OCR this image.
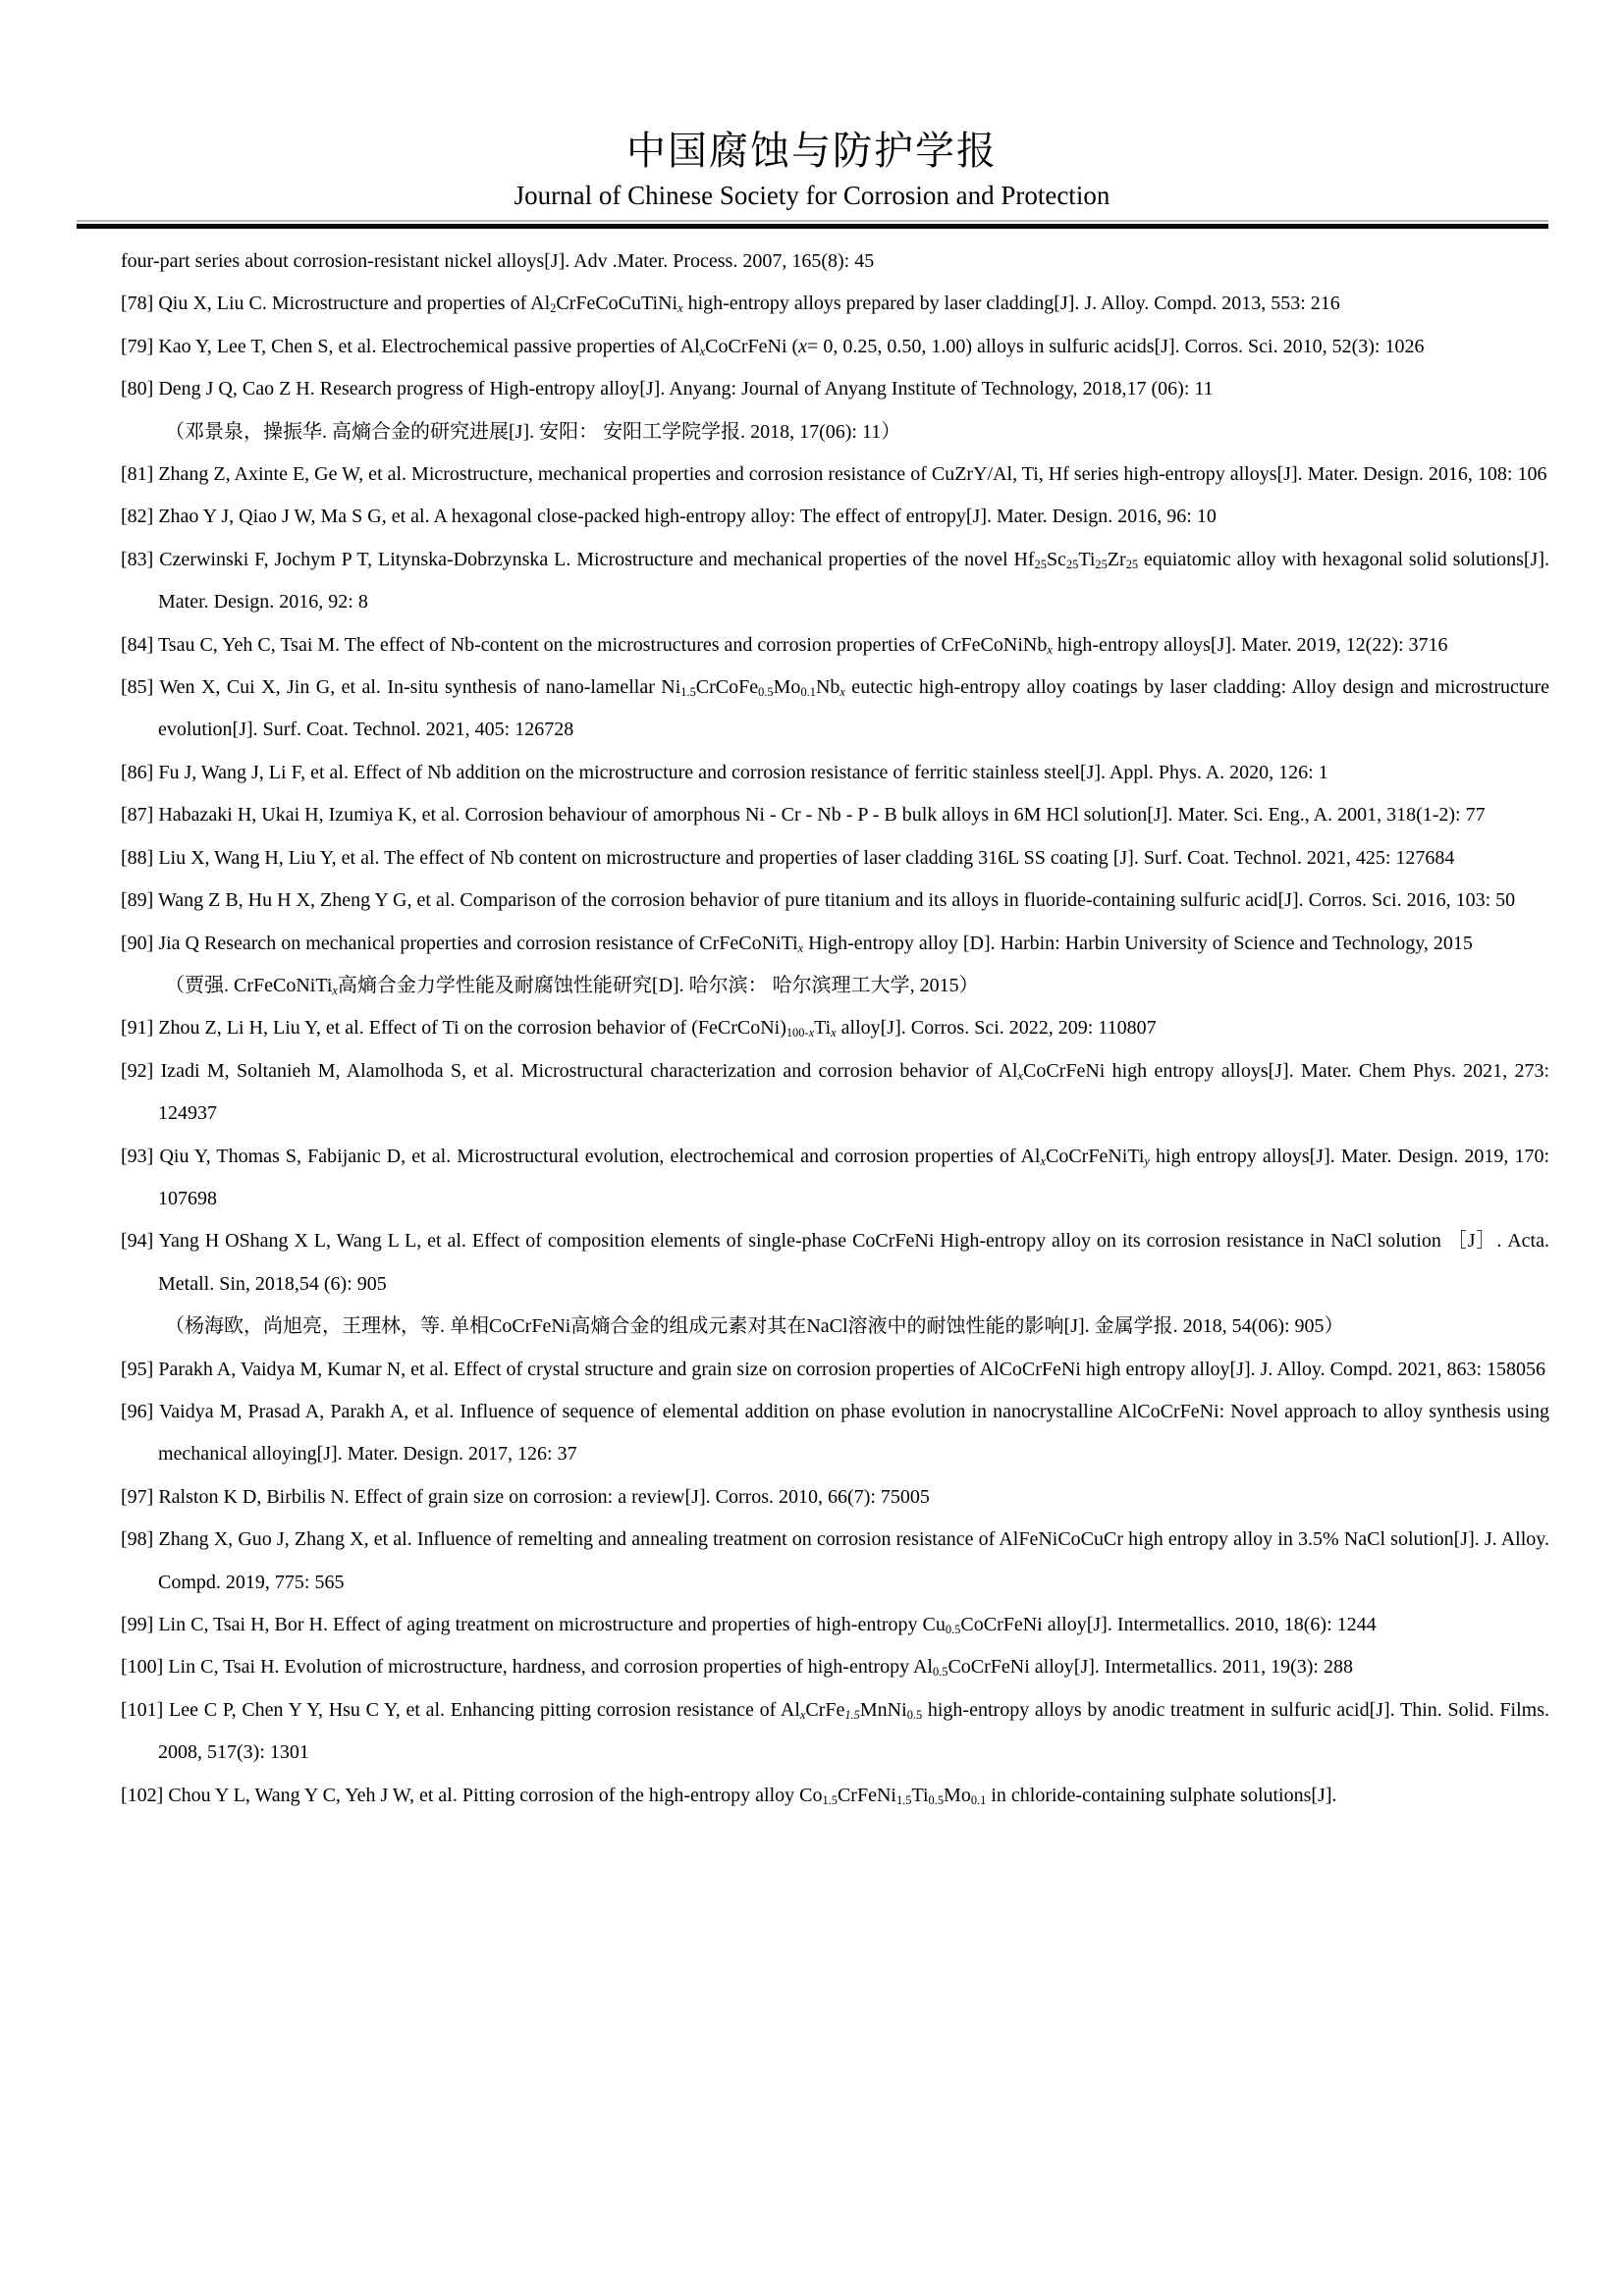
中国腐蚀与防护学报
Journal of Chinese Society for Corrosion and Protection

four-part series about corrosion-resistant nickel alloys[J]. Adv .Mater. Process. 2007, 165(8): 45

[78] Qiu X, Liu C. Microstructure and properties of $Al_2CrFeCoCuTiNi_x$ high-entropy alloys prepared by laser cladding[J]. J. Alloy. Compd. 2013, 553: 216

[79] Kao Y, Lee T, Chen S, et al. Electrochemical passive properties of $Al_xCoCrFeNi$ (x= 0, 0.25, 0.50, 1.00) alloys in sulfuric acids[J]. Corros. Sci. 2010, 52(3): 1026

[80] Deng J Q, Cao Z H. Research progress of High-entropy alloy[J]. Anyang: Journal of Anyang Institute of Technology, 2018,17 (06): 11

（邓景泉，操振华. 高熵合金的研究进展[J]. 安阳： 安阳工学院学报. 2018, 17(06): 11）

[81] Zhang Z, Axinte E, Ge W, et al. Microstructure, mechanical properties and corrosion resistance of CuZrY/Al, Ti, Hf series high-entropy alloys[J]. Mater. Design. 2016, 108: 106

[82] Zhao Y J, Qiao J W, Ma S G, et al. A hexagonal close-packed high-entropy alloy: The effect of entropy[J]. Mater. Design. 2016, 96: 10

[83] Czerwinski F, Jochym P T, Litynska-Dobrzynska L. Microstructure and mechanical properties of the novel $Hf_{25}Sc_{25}Ti_{25}Zr_{25}$ equiatomic alloy with hexagonal solid solutions[J]. Mater. Design. 2016, 92: 8

[84] Tsau C, Yeh C, Tsai M. The effect of Nb-content on the microstructures and corrosion properties of CrFeCoNiNb$_x$ high-entropy alloys[J]. Mater. 2019, 12(22): 3716

[85] Wen X, Cui X, Jin G, et al. In-situ synthesis of nano-lamellar $Ni_{1.5}CrCoFe_{0.5}Mo_{0.1}Nb_x$ eutectic high-entropy alloy coatings by laser cladding: Alloy design and microstructure evolution[J]. Surf. Coat. Technol. 2021, 405: 126728

[86] Fu J, Wang J, Li F, et al. Effect of Nb addition on the microstructure and corrosion resistance of ferritic stainless steel[J]. Appl. Phys. A. 2020, 126: 1

[87] Habazaki H, Ukai H, Izumiya K, et al. Corrosion behaviour of amorphous Ni - Cr - Nb - P - B bulk alloys in 6M HCl solution[J]. Mater. Sci. Eng., A. 2001, 318(1-2): 77

[88] Liu X, Wang H, Liu Y, et al. The effect of Nb content on microstructure and properties of laser cladding 316L SS coating [J]. Surf. Coat. Technol. 2021, 425: 127684

[89] Wang Z B, Hu H X, Zheng Y G, et al. Comparison of the corrosion behavior of pure titanium and its alloys in fluoride-containing sulfuric acid[J]. Corros. Sci. 2016, 103: 50

[90] Jia Q Research on mechanical properties and corrosion resistance of CrFeCoNiTi$_x$ High-entropy alloy [D]. Harbin: Harbin University of Science and Technology, 2015

（贾强. CrFeCoNiTi$_x$高熵合金力学性能及耐腐蚀性能研究[D]. 哈尔滨： 哈尔滨理工大学, 2015）

[91] Zhou Z, Li H, Liu Y, et al. Effect of Ti on the corrosion behavior of $(FeCrCoNi)_{100-x}Ti_x$ alloy[J]. Corros. Sci. 2022, 209: 110807

[92] Izadi M, Soltanieh M, Alamolhoda S, et al. Microstructural characterization and corrosion behavior of $Al_xCoCrFeNi$ high entropy alloys[J]. Mater. Chem Phys. 2021, 273: 124937

[93] Qiu Y, Thomas S, Fabijanic D, et al. Microstructural evolution, electrochemical and corrosion properties of $Al_xCoCrFeNiTi_y$ high entropy alloys[J]. Mater. Design. 2019, 170: 107698

[94] Yang H OShang X L, Wang L L, et al. Effect of composition elements of single-phase CoCrFeNi High-entropy alloy on its corrosion resistance in NaCl solution ［J］. Acta. Metall. Sin, 2018,54 (6): 905

（杨海欧，尚旭亮，王理林，等. 单相CoCrFeNi高熵合金的组成元素对其在NaCl溶液中的耐蚀性能的影响[J]. 金属学报. 2018, 54(06): 905）

[95] Parakh A, Vaidya M, Kumar N, et al. Effect of crystal structure and grain size on corrosion properties of AlCoCrFeNi high entropy alloy[J]. J. Alloy. Compd. 2021, 863: 158056

[96] Vaidya M, Prasad A, Parakh A, et al. Influence of sequence of elemental addition on phase evolution in nanocrystalline AlCoCrFeNi: Novel approach to alloy synthesis using mechanical alloying[J]. Mater. Design. 2017, 126: 37

[97] Ralston K D, Birbilis N. Effect of grain size on corrosion: a review[J]. Corros. 2010, 66(7): 75005

[98] Zhang X, Guo J, Zhang X, et al. Influence of remelting and annealing treatment on corrosion resistance of AlFeNiCoCuCr high entropy alloy in 3.5% NaCl solution[J]. J. Alloy. Compd. 2019, 775: 565

[99] Lin C, Tsai H, Bor H. Effect of aging treatment on microstructure and properties of high-entropy $Cu_{0.5}CoCrFeNi$ alloy[J]. Intermetallics. 2010, 18(6): 1244

[100] Lin C, Tsai H. Evolution of microstructure, hardness, and corrosion properties of high-entropy $Al_{0.5}CoCrFeNi$ alloy[J]. Intermetallics. 2011, 19(3): 288

[101] Lee C P, Chen Y Y, Hsu C Y, et al. Enhancing pitting corrosion resistance of $Al_xCrFe_{1.5}MnNi_{0.5}$ high-entropy alloys by anodic treatment in sulfuric acid[J]. Thin. Solid. Films. 2008, 517(3): 1301

[102] Chou Y L, Wang Y C, Yeh J W, et al. Pitting corrosion of the high-entropy alloy $Co_{1.5}CrFeNi_{1.5}Ti_{0.5}Mo_{0.1}$ in chloride-containing sulphate solutions[J].
